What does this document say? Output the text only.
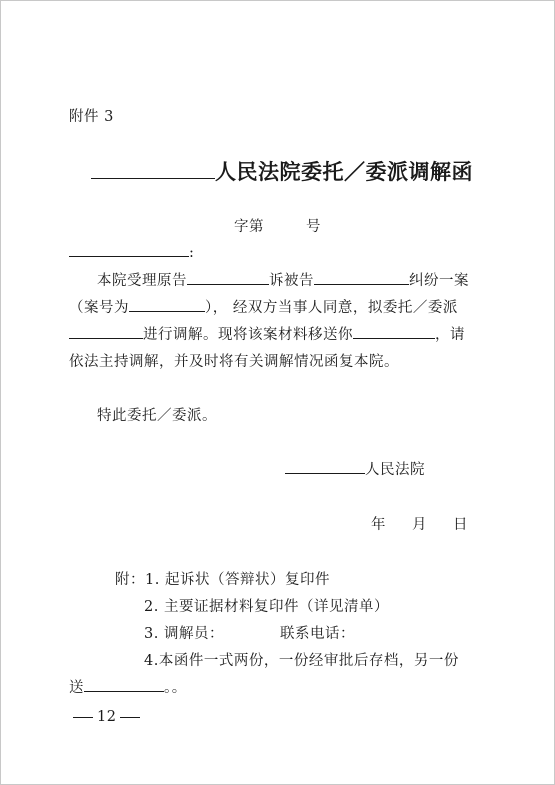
附件 3
人民法院委托／委派调解函
字第	号
:
本院受理原告	诉被告	纠纷一案
（案号为	）， 经双方当事人同意，拟委托／委派
进行调解。现将该案材料移送你	，请
依法主持调解，并及时将有关调解情况函复本院。
特此委托／委派。
人民法院
年 月 日
附：1. 起诉状（答辩状）复印件
2. 主要证据材料复印件（详见清单）
3. 调解员：	联系电话：
4.本函件一式两份，一份经审批后存档，另一份
送	。。
12
